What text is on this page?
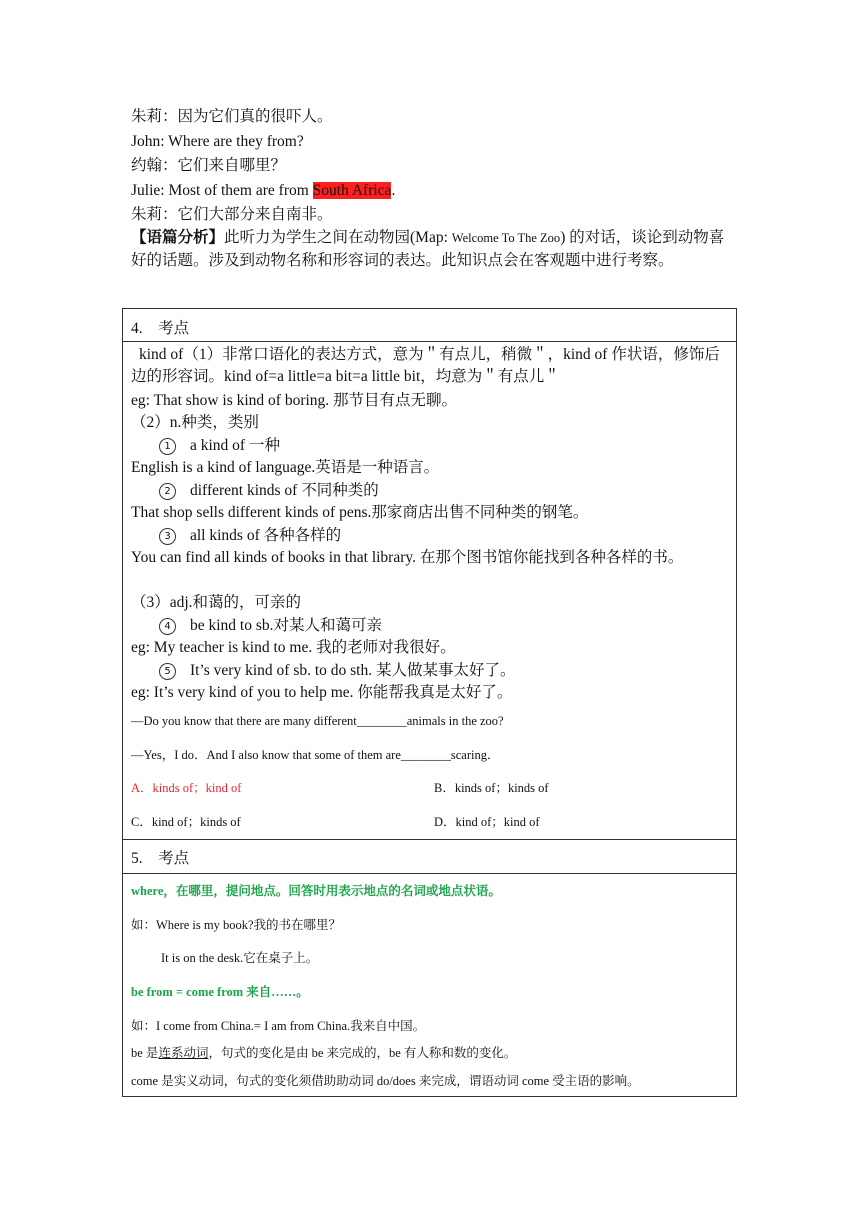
朱莉：因为它们真的很吓人。
John: Where are they from?
约翰：它们来自哪里？
Julie: Most of them are from South Africa.
朱莉：它们大部分来自南非。
【语篇分析】此听力为学生之间在动物园(Map: Welcome To The Zoo) 的对话，谈论到动物喜好的话题。涉及到动物名称和形容词的表达。此知识点会在客观题中进行考察。
4.　考点
kind of（1）非常口语化的表达方式，意为＂有点儿，稍微＂，kind of 作状语，修饰后边的形容词。kind of=a little=a bit=a little bit，均意为＂有点儿＂
eg: That show is kind of boring. 那节目有点无聊。
（2）n.种类，类别
1 a kind of 一种
English is a kind of language.英语是一种语言。
2 different kinds of 不同种类的
That shop sells different kinds of pens.那家商店出售不同种类的钢笔。
3 all kinds of 各种各样的
You can find all kinds of books in that library. 在那个图书馆你能找到各种各样的书。
（3）adj.和蔼的，可亲的
4 be kind to sb.对某人和蔼可亲
eg: My teacher is kind to me. 我的老师对我很好。
5 It’s very kind of sb. to do sth. 某人做某事太好了。
eg: It’s very kind of you to help me. 你能帮我真是太好了。
—Do you know that there are many different________animals in the zoo?
—Yes，I do．And I also know that some of them are________scaring．
A．kinds of；kind of	B．kinds of；kinds of
C．kind of；kinds of	D．kind of；kind of
5.　考点
where，在哪里，提问地点。回答时用表示地点的名词或地点状语。
如：Where is my book?我的书在哪里？
It is on the desk.它在桌子上。
be from = come from 来自……。
如：I come from China.= I am from China.我来自中国。
be 是连系动词，句式的变化是由 be 来完成的，be 有人称和数的变化。
come 是实义动词，句式的变化须借助助动词 do/does 来完成，谓语动词 come 受主语的影响。
